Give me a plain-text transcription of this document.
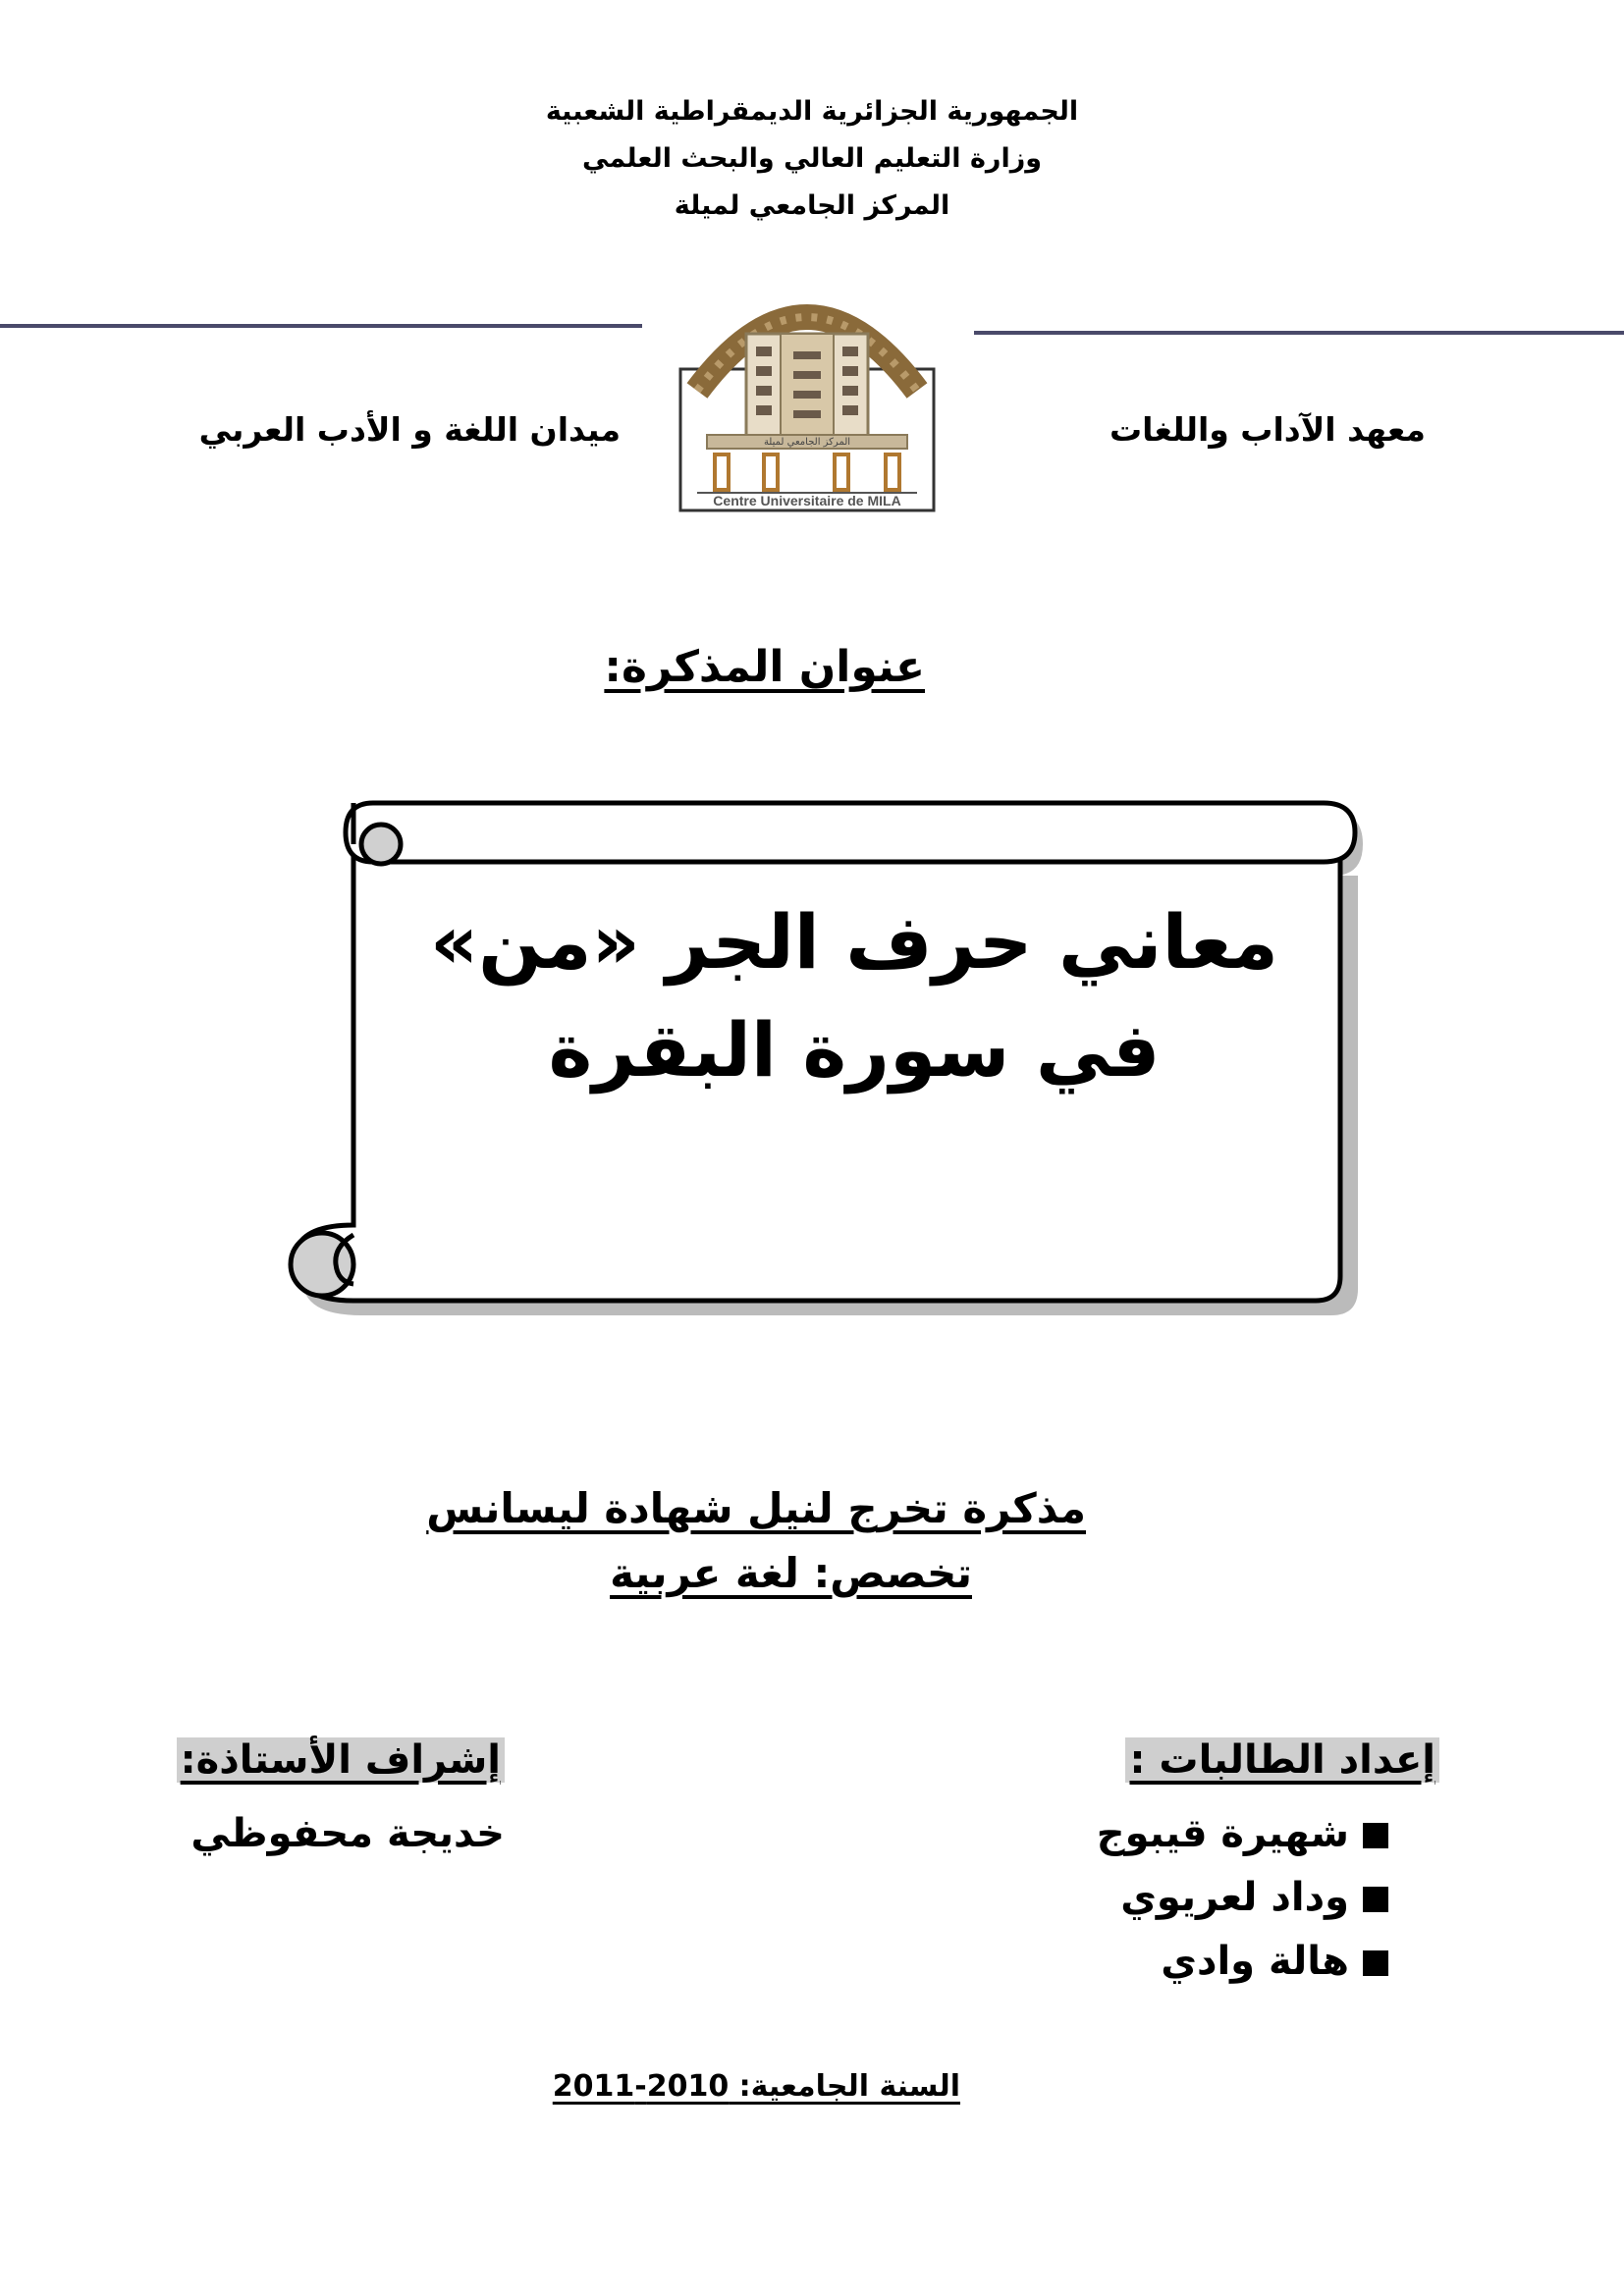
الجمهورية الجزائرية الديمقراطية الشعبية
وزارة التعليم العالي والبحث العلمي
المركز الجامعي لميلة
المركز الجامعي لميلة
Centre Universitaire de MILA
معهد الآداب واللغات
ميدان اللغة و الأدب العربي
عنوان المذكرة:
معاني حرف الجر «من»
في سورة البقرة
مذكرة تخرج لنيل شهادة ليسانس
تخصص: لغة عربية
إعداد الطالبات :
شهيرة قيبوج
وداد لعريوي
هالة وادي
إشراف الأستاذة:
خديجة محفوظي
السنة الجامعية: 2010-2011
